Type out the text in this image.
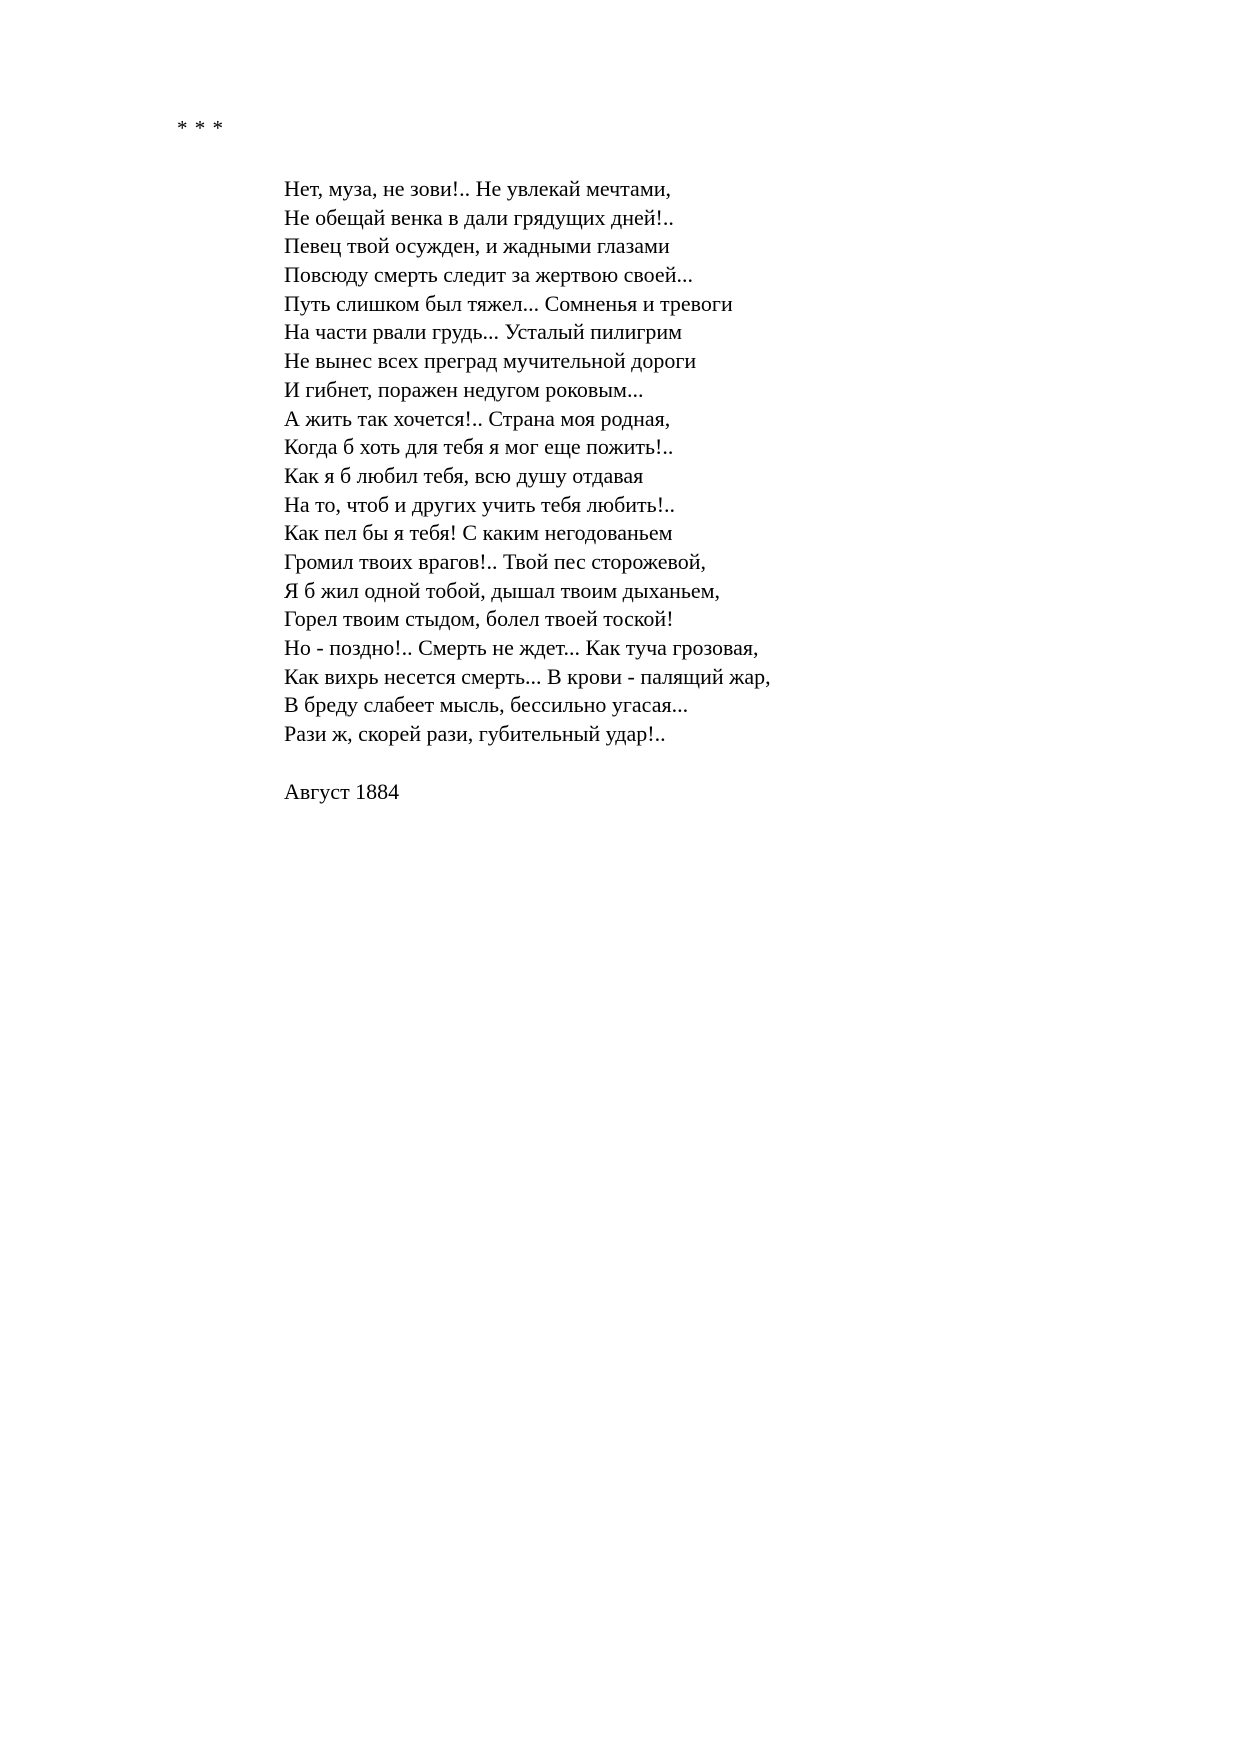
* * *
Нет, муза, не зови!.. Не увлекай мечтами,
Не обещай венка в дали грядущих дней!..
Певец твой осужден, и жадными глазами
Повсюду смерть следит за жертвою своей...
Путь слишком был тяжел... Сомненья и тревоги
На части рвали грудь... Усталый пилигрим
Не вынес всех преград мучительной дороги
И гибнет, поражен недугом роковым...
А жить так хочется!.. Страна моя родная,
Когда б хоть для тебя я мог еще пожить!..
Как я б любил тебя, всю душу отдавая
На то, чтоб и других учить тебя любить!..
Как пел бы я тебя! С каким негодованьем
Громил твоих врагов!.. Твой пес сторожевой,
Я б жил одной тобой, дышал твоим дыханьем,
Горел твоим стыдом, болел твоей тоской!
Но - поздно!.. Смерть не ждет... Как туча грозовая,
Как вихрь несется смерть... В крови - палящий жар,
В бреду слабеет мысль, бессильно угасая...
Рази ж, скорей рази, губительный удар!..
Август 1884
